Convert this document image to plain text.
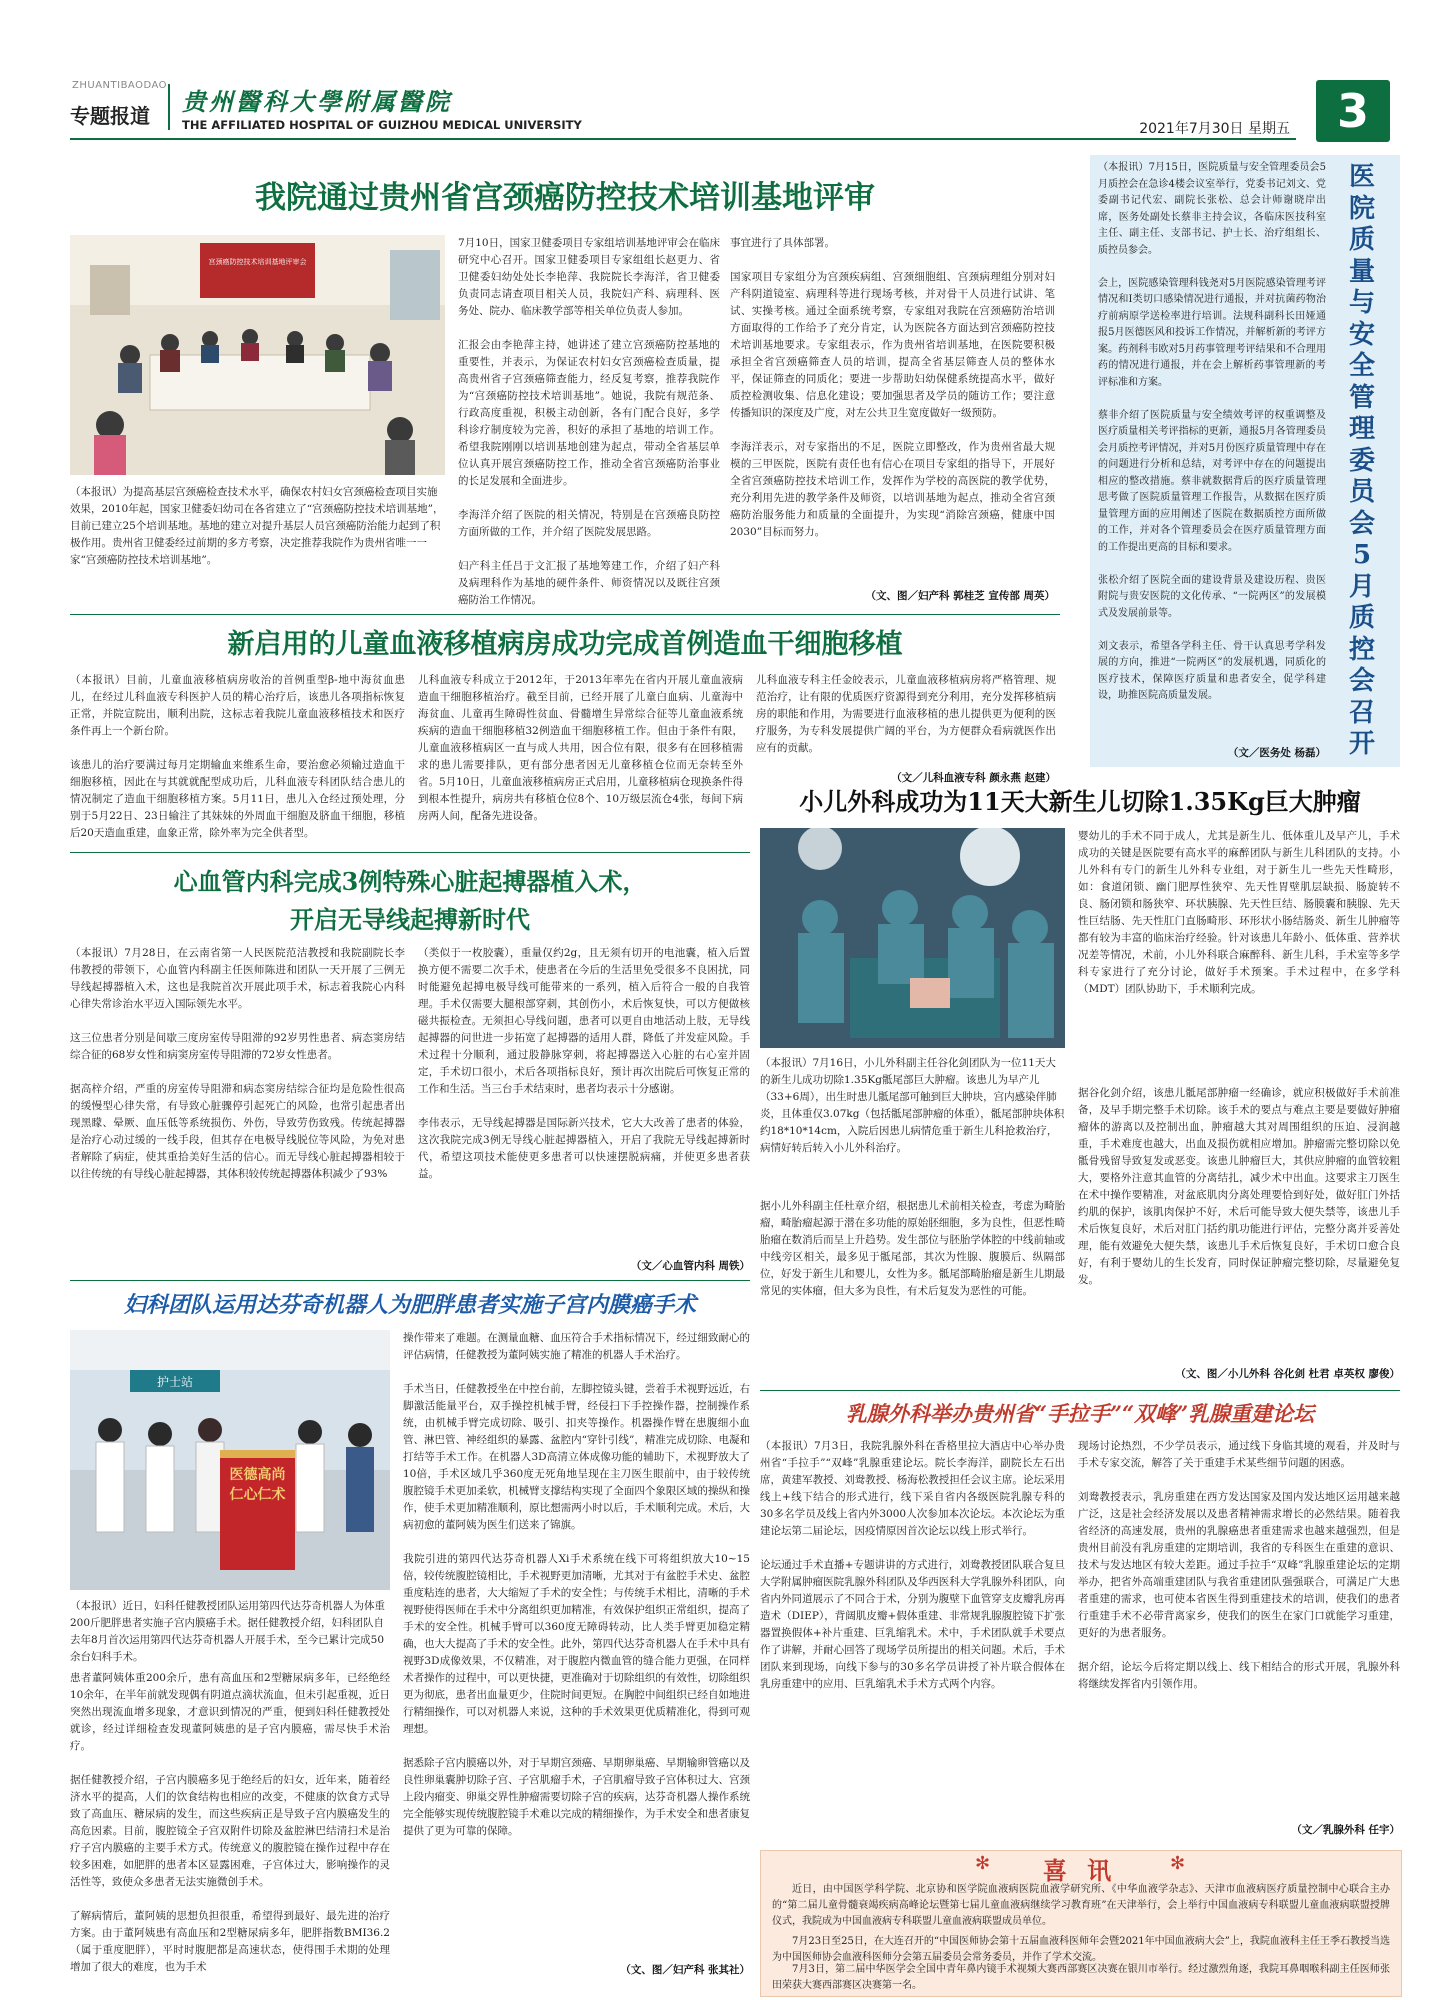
ZHUANTIBAODAO
专题报道 贵州醫科大學附属醫院
THE AFFILIATED HOSPITAL OF GUIZHOU MEDICAL UNIVERSITY	2021年7月30日 星期五	3
我院通过贵州省宫颈癌防控技术培训基地评审
宫颈癌防控技术培训基地评审会

（本报讯）为提高基层宫颈癌检查技术水平，确保农村妇女宫颈癌检查项目实施效果，2010年起，国家卫健委妇幼司在各省建立了“宫颈癌防控技术培训基地”，目前已建立25个培训基地。基地的建立对提升基层人员宫颈癌防治能力起到了积极作用。贵州省卫健委经过前期的多方考察，决定推荐我院作为贵州省唯一一家“宫颈癌防控技术培训基地”。

7月10日，国家卫健委项目专家组培训基地评审会在临床研究中心召开。国家卫健委项目专家组组长赵更力、省卫健委妇幼处处长李艳萍、我院院长李海洋，省卫健委负责同志请查项目相关人员，我院妇产科、病理科、医务处、院办、临床教学部等相关单位负责人参加。

汇报会由李艳萍主持，她讲述了建立宫颈癌防控基地的重要性，并表示，为保证农村妇女宫颈癌检查质量，提高贵州省子宫颈癌筛查能力，经反复考察，推荐我院作为“宫颈癌防控技术培训基地”。她说，我院有规范条、行政高度重视，积极主动创新，各有门配合良好，多学科诊疗制度较为完善，积好的承担了基地的培训工作。希望我院刚刚以培训基地创建为起点，带动全省基层单位认真开展宫颈癌防控工作，推动全省宫颈癌防治事业的长足发展和全面进步。

李海洋介绍了医院的相关情况，特别是在宫颈癌良防控方面所做的工作，并介绍了医院发展思路。

妇产科主任吕于文汇报了基地筹建工作，介绍了妇产科及病理科作为基地的硬件条件、师资情况以及既往宫颈癌防治工作情况。

事宜进行了具体部署。

国家项目专家组分为宫颈疾病组、宫颈细胞组、宫颈病理组分别对妇产科阴道镜室、病理科等进行现场考核，并对骨干人员进行试讲、笔试、实操考核。通过全面系统考察，专家组对我院在宫颈癌防治培训方面取得的工作给予了充分肯定，认为医院各方面达到宫颈癌防控技术培训基地要求。专家组表示，作为贵州省培训基地，在医院要积极承担全省宫颈癌筛查人员的培训，提高全省基层筛查人员的整体水平，保证筛查的同质化；要进一步帮助妇幼保健系统提高水平，做好质控检测收集、信息化建设；要加强思者及学员的随访工作；要注意传播知识的深度及广度，对左公共卫生宽度做好一级预防。

李海洋表示，对专家指出的不足，医院立即整改，作为贵州省最大规模的三甲医院，医院有责任也有信心在项目专家组的指导下，开展好全省宫颈癌防控技术培训工作，发挥作为学校的高医院的教学优势，充分利用先进的教学条件及师资，以培训基地为起点，推动全省宫颈癌防治服务能力和质量的全面提升，为实现“消除宫颈癌，健康中国2030”目标而努力。

（文、图／妇产科 郭桂芝 宣传部 周英）

新启用的儿童血液移植病房成功完成首例造血干细胞移植

（本报讯）目前，儿童血液移植病房收治的首例重型β-地中海贫血患儿，在经过儿科血液专科医护人员的精心治疗后，该患儿各项指标恢复正常，并院宣院出，顺利出院，这标志着我院儿童血液移植技术和医疗条件再上一个新台阶。

该患儿的治疗要满过每月定期输血来维系生命，要治愈必须输过造血干细胞移植，因此在与其就就配型成功后，儿科血液专科团队结合患儿的情况制定了造血干细胞移植方案。5月11日，患儿入仓经过预处理，分别于5月22日、23日输注了其妹妹的外周血干细胞及脐血干细胞，移植后20天造血重建，血象正常，除外率为完全供者型。

儿科血液专科成立于2012年，于2013年率先在省内开展儿童血液病造血干细胞移植治疗。截至目前，已经开展了儿童白血病、儿童海中海贫血、儿童再生障碍性贫血、骨髓增生异常综合征等儿童血液系统疾病的造血干细胞移植32例造血干细胞移植工作。但由于条件有限，儿童血液移植病区一直与成人共用，因合位有限，很多有在回移植需求的患儿需要排队，更有部分患者因无儿童移植仓位而无奈转至外省。5月10日，儿童血液移植病房正式启用，儿童移植病仓现换条件得到根本性提升，病房共有移植仓位8个、10万级层流仓4张，每间下病房两人间，配备先进设备。

儿科血液专科主任金皎表示，儿童血液移植病房将严格管理、规范治疗，让有限的优质医疗资源得到充分利用，充分发挥移植病房的职能和作用，为需要进行血液移植的患儿提供更为便利的医疗服务，为专科发展提供广阔的平台，为方便群众看病就医作出应有的贡献。

（文／儿科血液专科 颜永燕 赵建）

心血管内科完成3例特殊心脏起搏器植入术，
开启无导线起搏新时代

（本报讯）7月28日，在云南省第一人民医院范洁教授和我院副院长李伟教授的带领下，心血管内科副主任医师陈进和团队一天开展了三例无导线起搏器植入术，这也是我院首次开展此项手术，标志着我院心内科心律失常诊治水平迈入国际领先水平。

这三位患者分别是间歇三度房室传导阻滞的92岁男性患者、病态窦房结综合征的68岁女性和病窦房室传导阻滞的72岁女性患者。

据高梓介绍，严重的房室传导阻滞和病态窦房结综合征均是危险性很高的缓慢型心律失常，有导致心脏骤停引起死亡的风险，也常引起患者出现黑矇、晕厥、血压低等系统损伤、外伤，导致劳伤致残。传统起搏器是治疗心动过缓的一线手段，但其存在电极导线脱位等风险，为免对患者解除了病症，使其重拾美好生活的信心。而无导线心脏起搏器相较于以往传统的有导线心脏起搏器，其体积较传统起搏器体积减少了93%

（类似于一枚胶囊），重量仅约2g，且无须有切开的电池囊，植入后置换方便不需要二次手术，使患者在今后的生活里免受很多不良困扰，同时能避免起搏电极导线可能带来的一系列，植入后符合一般的自我管理。手术仅需要大腿根部穿刺，其创伤小，术后恢复快，可以方便做核磁共振检查。无须担心导线问题，患者可以更自由地活动上肢，无导线起搏器的问世进一步拓宽了起搏器的适用人群，降低了并发症风险。手术过程十分顺利，通过股静脉穿刺，将起搏器送入心脏的右心室并固定，手术切口很小，术后各项指标良好，预计再次出院后可恢复正常的工作和生活。当三台手术结束时，患者均表示十分感谢。

李伟表示，无导线起搏器是国际新兴技术，它大大改善了患者的体验，这次我院完成3例无导线心脏起搏器植入，开启了我院无导线起搏新时代，希望这项技术能使更多患者可以快速摆脱病痛，并使更多患者获益。

（文／心血管内科 周铁）

妇科团队运用达芬奇机器人为肥胖患者实施子宫内膜癌手术
护士站
医德高尚 仁心仁术

（本报讯）近日，妇科任健教授团队运用第四代达芬奇机器人为体重200斤肥胖患者实施子宫内膜癌手术。据任健教授介绍，妇科团队自去年8月首次运用第四代达芬奇机器人开展手术，至今已累计完成50余台妇科手术。

患者董阿姨体重200余斤，患有高血压和2型糖尿病多年，已经绝经10余年，在半年前就发现偶有阴道点滴状流血，但未引起重视，近日突然出现流血增多现象，才意识到情况的严重，便到妇科任健教授处就诊，经过详细检查发现董阿姨患的是子宫内膜癌，需尽快手术治疗。

据任健教授介绍，子宫内膜癌多见于绝经后的妇女，近年来，随着经济水平的提高，人们的饮食结构也相应的改变，不健康的饮食方式导致了高血压、糖尿病的发生，而这些疾病正是导致子宫内膜癌发生的高危因素。目前，腹腔镜全子宫双附件切除及盆腔淋巴结清扫术是治疗子宫内膜癌的主要手术方式。传统意义的腹腔镜在操作过程中存在较多困难，如肥胖的患者本区显露困难，子宫体过大，影响操作的灵活性等，致使众多患者无法实施微创手术。

了解病情后，董阿姨的思想负担很重，希望得到最好、最先进的治疗方案。由于董阿姨患有高血压和2型糖尿病多年，肥胖指数BMI36.2（属于重度肥胖），平时时腹肥都是高速状态，使得围手术期的处理增加了很大的难度，也为手术

操作带来了难题。在测量血糖、血压符合手术指标情况下，经过细致耐心的评估病情，任健教授为董阿姨实施了精准的机器人手术治疗。

手术当日，任健教授坐在中控台前，左脚控镜头键，尝着手术视野远近，右脚激活能量平台，双手操控机械手臂，经侵扫下手控操作器，控制操作系统，由机械手臂完成切除、吸引、扣夹等操作。机器操作臂在患腹细小血管、淋巴管、神经组织的暴露、盆腔内“穿针引线”，精准完成切除、电凝和打结等手术工作。在机器人3D高清立体成像功能的辅助下，术视野放大了10倍，手术区域几乎360度无死角地呈现在主刀医生眼前中，由于较传统腹腔镜手术更加柔软，机械臂支撑结构实现了全面四个象限区域的操纵和操作，使手术更加精准顺利，原比想需两小时以后，手术顺利完成。术后，大病初愈的董阿姨为医生们送来了锦旗。

我院引进的第四代达芬奇机器人Xi手术系统在线下可将组织放大10~15倍，较传统腹腔镜相比，手术视野更加清晰，尤其对于有盆腔手术史、盆腔重度粘连的患者，大大缩短了手术的安全性；与传统手术相比，清晰的手术视野使得医师在手术中分离组织更加精准，有效保护组织正常组织，提高了手术的安全性。机械手臂可以360度无障碍转动，比人类手臂更加稳定精确，也大大提高了手术的安全性。此外，第四代达芬奇机器人在手术中具有视野3D成像效果，不仅精准，对于腹腔内微血管的缝合能力更强，在同样术者操作的过程中，可以更快捷，更准确对于切除组织的有效性，切除组织更为彻底，患者出血量更少，住院时间更短。在胸腔中间组织已经自如地进行精细操作，可以对机器人来说，这种的手术效果更优质精准化，得到可观理想。

据悉除子宫内膜癌以外，对于早期宫颈癌、早期卵巢癌、早期输卵管癌以及良性卵巢囊肿切除子宫、子宫肌瘤手术，子宫肌瘤导致子宫体积过大、宫颈上段内瘤变、卵巢交界性肿瘤需要切除子宫的疾病，达芬奇机器人操作系统完全能够实现传统腹腔镜手术难以完成的精细操作，为手术安全和患者康复提供了更为可靠的保障。

（文、图／妇产科 张其社）

小儿外科成功为11天大新生儿切除1.35Kg巨大肿瘤

（本报讯）7月16日，小儿外科副主任谷化剑团队为一位11天大的新生儿成功切除1.35Kg骶尾部巨大肿瘤。该患儿为早产儿（33+6周），出生时患儿骶尾部可触到巨大肿块，宫内感染伴肺炎，且体重仅3.07kg（包括骶尾部肿瘤的体重），骶尾部肿块体积约18*10*14cm，入院后因患儿病情危重于新生儿科抢救治疗，病情好转后转入小儿外科治疗。

据小儿外科副主任杜章介绍，根据患儿术前相关检查，考虑为畸胎瘤，畸胎瘤起源于潜在多功能的原始胚细胞，多为良性，但恶性畸胎瘤在数消后而呈上升趋势。发生部位与胚胎学体腔的中线前轴或中线旁区相关，最多见于骶尾部，其次为性腺、腹膜后、纵隔部位，好发于新生儿和婴儿，女性为多。骶尾部畸胎瘤是新生儿期最常见的实体瘤，但大多为良性，有术后复发为恶性的可能。

婴幼儿的手术不同于成人，尤其是新生儿、低体重儿及早产儿，手术成功的关键是医院要有高水平的麻醉团队与新生儿科团队的支持。小儿外科有专门的新生儿外科专业组，对于新生儿一些先天性畸形，如：食道闭锁、幽门肥厚性狭窄、先天性胃壁肌层缺损、肠旋转不良、肠闭锁和肠狭窄、环状胰腺、先天性巨结、肠膜囊和胰腺、先天性巨结肠、先天性肛门直肠畸形、环形状小肠结肠炎、新生儿肿瘤等都有较为丰富的临床治疗经验。针对该患儿年龄小、低体重、营养状况差等情况，术前，小儿外科联合麻醉科、新生儿科，手术室等多学科专家进行了充分讨论，做好手术预案。手术过程中，在多学科（MDT）团队协助下，手术顺利完成。

据谷化剑介绍，该患儿骶尾部肿瘤一经确诊，就应积极做好手术前准备，及早手期完整手术切除。该手术的要点与难点主要是要做好肿瘤瘤体的游离以及控制出血，肿瘤越大其对周围组织的压迫、浸润越重，手术难度也越大，出血及损伤就相应增加。肿瘤需完整切除以免骶骨残留导致复发或恶变。该患儿肿瘤巨大，其供应肿瘤的血管较粗大，要格外注意其血管的分离结扎，减少术中出血。这要求主刀医生在术中操作要精准，对盆底肌肉分离处理要恰到好处，做好肛门外括约肌的保护，该肌肉保护不好，术后可能导致大便失禁等，该患儿手术后恢复良好，术后对肛门括约肌功能进行评估，完整分离并妥善处理，能有效避免大便失禁，该患儿手术后恢复良好，手术切口愈合良好，有利于婴幼儿的生长发育，同时保证肿瘤完整切除，尽量避免复发。

（文、图／小儿外科 谷化剑 杜君 卓英权 廖俊）

乳腺外科举办贵州省“手拉手”“双峰”乳腺重建论坛

（本报讯）7月3日，我院乳腺外科在香格里拉大酒店中心举办贵州省“手拉手”“双峰”乳腺重建论坛。院长李海洋，副院长左石出席，黄建军教授、刘鸯教授、杨海松教授担任会议主席。论坛采用线上+线下结合的形式进行，线下采自省内各级医院乳腺专科的30多名学员及线上省内外3000人次参加本次论坛。本次论坛为重建论坛第二届论坛，因疫情原因首次论坛以线上形式举行。

论坛通过手术直播+专题讲讲的方式进行，刘鸯教授团队联合复旦大学附属肿瘤医院乳腺外科团队及华西医科大学乳腺外科团队，向省内外同道展示了不同合于术，分别为腹壁下血管穿支皮瓣乳房再造术（DIEP），背阔肌皮瓣+假体重建、非常规乳腺腹腔镜下扩张器置换假体+补片重建、巨乳缩乳术。术中，手术团队就手术要点作了讲解，并耐心回答了现场学员所提出的相关问题。术后，手术团队来到现场，向线下参与的30多名学员讲授了补片联合假体在乳房重建中的应用、巨乳缩乳术手术方式两个内容。

现场讨论热烈，不少学员表示，通过线下身临其境的观看，并及时与手术专家交流，解答了关于重建手术某些细节问题的困惑。

刘鸯教授表示，乳房重建在西方发达国家及国内发达地区运用越来越广泛，这是社会经济发展以及患者精神需求增长的必然结果。随着我省经济的高速发展，贵州的乳腺癌患者重建需求也越来越强烈，但是贵州目前没有乳房重建的定期培训，我省的专科医生在重建的意识、技术与发达地区有较大差距。通过手拉手“双峰”乳腺重建论坛的定期举办，把省外高端重建团队与我省重建团队强强联合，可满足广大患者重建的需求，也可使本省医生得到重建技术的培训，使我们的患者行重建手术不必带背离家乡，使我们的医生在家门口就能学习重建，更好的为患者服务。

据介绍，论坛今后将定期以线上、线下相结合的形式开展，乳腺外科将继续发挥省内引领作用。

（文／乳腺外科 任宇）

（本报讯）7月15日，医院质量与安全管理委员会5月质控会在急诊4楼会议室举行，党委书记刘文、党委副书记代宏、副院长张松、总会计师谢晓岸出席，医务处副处长蔡非主持会议，各临床医技科室主任、副主任、支部书记、护士长、治疗组组长、质控员参会。

会上，医院感染管理科钱尧对5月医院感染管理考评情况和Ⅰ类切口感染情况进行通报，并对抗菌药物治疗前病原学送检率进行培训。法规科副科长田娅通报5月医德医风和投诉工作情况，并解析新的考评方案。药剂科韦欧对5月药事管理考评结果和不合理用药的情况进行通报，并在会上解析药事管理新的考评标准和方案。

蔡非介绍了医院质量与安全绩效考评的权重调整及医疗质量相关考评指标的更新，通报5月各管理委员会月质控考评情况，并对5月份医疗质量管理中存在的问题进行分析和总结，对考评中存在的问题提出相应的整改措施。蔡非就数据背后的医疗质量管理思考做了医院质量管理工作报告，从数据在医疗质量管理方面的应用阐述了医院在数据质控方面所做的工作，并对各个管理委员会在医疗质量管理方面的工作提出更高的目标和要求。

张松介绍了医院全面的建设背景及建设历程、贵医附院与贵安医院的文化传承、“一院两区”的发展模式及发展前景等。

刘文表示，希望各学科主任、骨干认真思考学科发展的方向，推进“一院两区”的发展机遇，同质化的医疗技术，保障医疗质量和患者安全，促学科建设，助推医院高质量发展。

（文／医务处 杨磊）

医
院
质
量
与
安
全
管
理
委
员
会
5
月
质
控
会
召
开
✻	喜 讯	✻

近日，由中国医学科学院、北京协和医学院血液病医院血液学研究所、《中华血液学杂志》、天津市血液病医疗质量控制中心联合主办的“第二届儿童骨髓衰竭疾病高峰论坛暨第七届儿童血液病继续学习教育班”在天津举行，会上举行中国血液病专科联盟儿童血液病联盟授牌仪式，我院成为中国血液病专科联盟儿童血液病联盟成员单位。

7月23日至25日，在大连召开的“中国医师协会第十五届血液科医师年会暨2021年中国血液病大会”上，我院血液科主任王季石教授当选为中国医师协会血液科医师分会第五届委员会常务委员，并作了学术交流。

7月3日，第二届中华医学会全国中青年鼻内镜手术视频大赛西部赛区决赛在银川市举行。经过激烈角逐，我院耳鼻咽喉科副主任医师张田荣获大赛西部赛区决赛第一名。
